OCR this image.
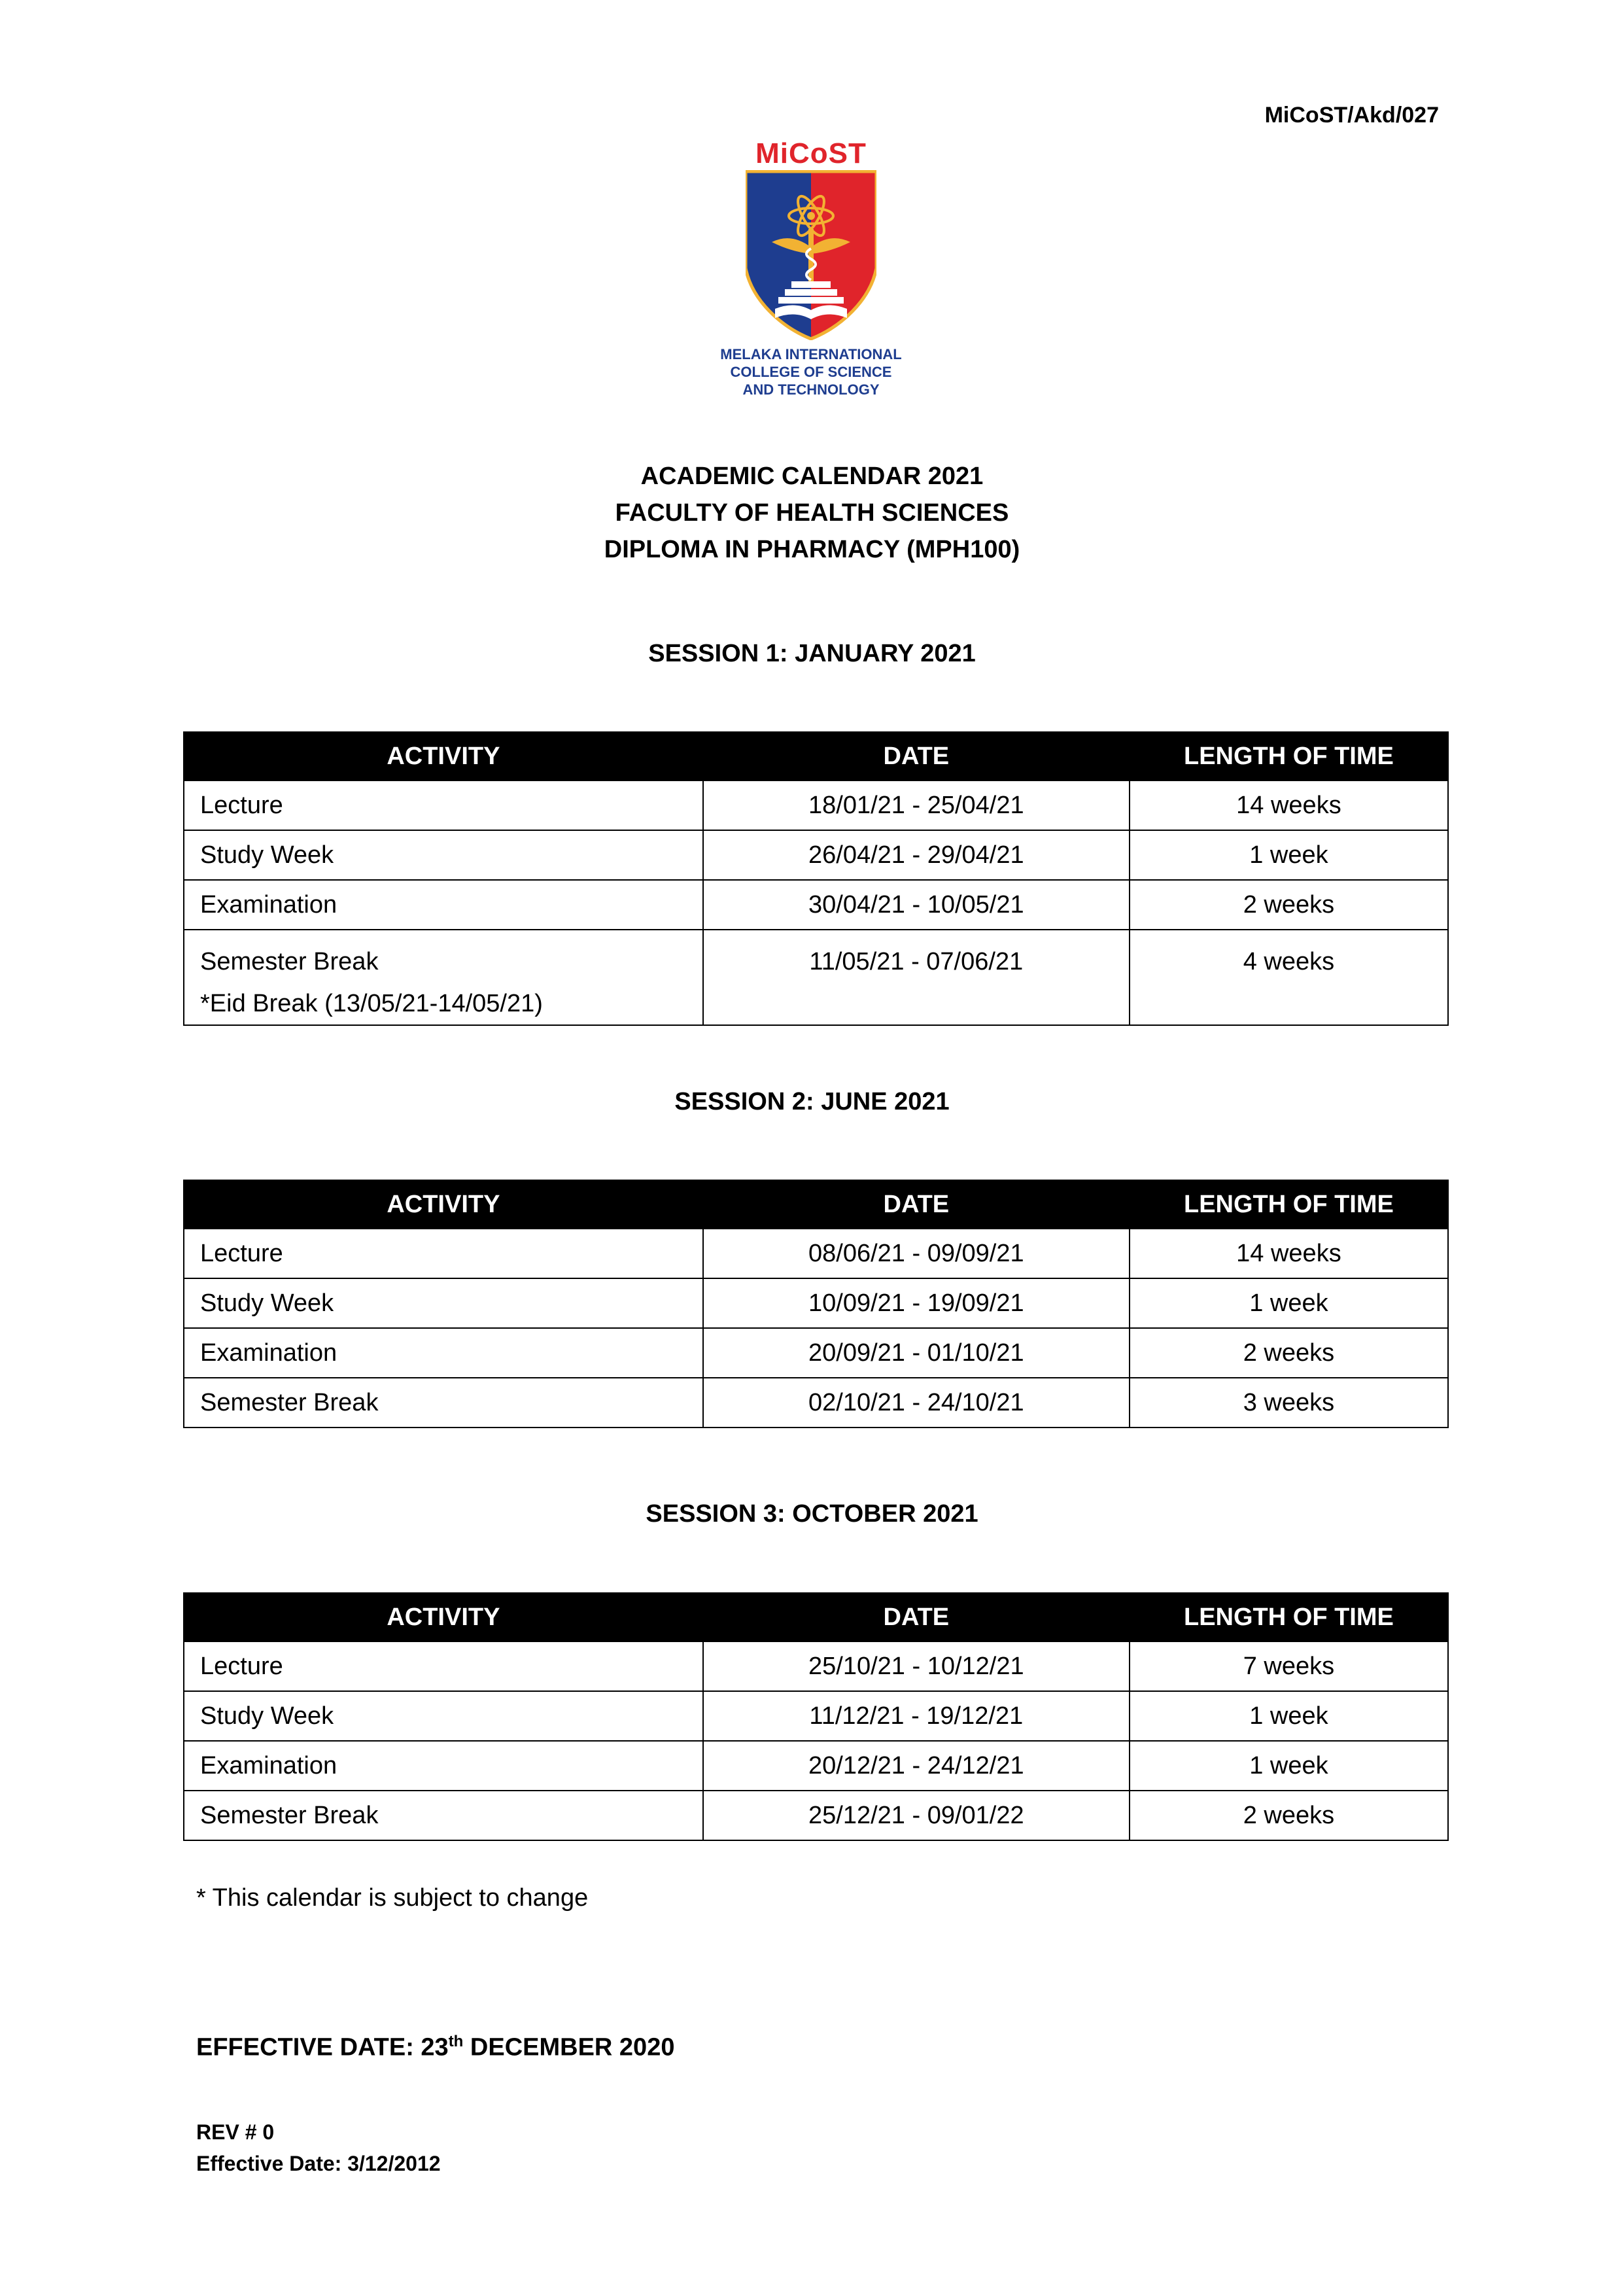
MiCoST/Akd/027
MiCoST
MELAKA INTERNATIONAL
COLLEGE OF SCIENCE
AND TECHNOLOGY
ACADEMIC CALENDAR 2021
FACULTY OF HEALTH SCIENCES
DIPLOMA IN PHARMACY (MPH100)
SESSION 1: JANUARY 2021
ACTIVITY	DATE	LENGTH OF TIME
Lecture	18/01/21 - 25/04/21	14 weeks
Study Week	26/04/21 - 29/04/21	1 week
Examination	30/04/21 - 10/05/21	2 weeks

Semester Break
*Eid Break (13/05/21-14/05/21)	11/05/21 - 07/06/21	4 weeks
SESSION 2: JUNE 2021
ACTIVITY	DATE	LENGTH OF TIME
Lecture	08/06/21 - 09/09/21	14 weeks
Study Week	10/09/21 - 19/09/21	1 week
Examination	20/09/21 - 01/10/21	2 weeks
Semester Break	02/10/21 - 24/10/21	3 weeks
SESSION 3: OCTOBER 2021
ACTIVITY	DATE	LENGTH OF TIME
Lecture	25/10/21 - 10/12/21	7 weeks
Study Week	11/12/21 - 19/12/21	1 week
Examination	20/12/21 - 24/12/21	1 week
Semester Break	25/12/21 - 09/01/22	2 weeks
* This calendar is subject to change
EFFECTIVE DATE: 23th DECEMBER 2020
REV # 0
Effective Date: 3/12/2012
